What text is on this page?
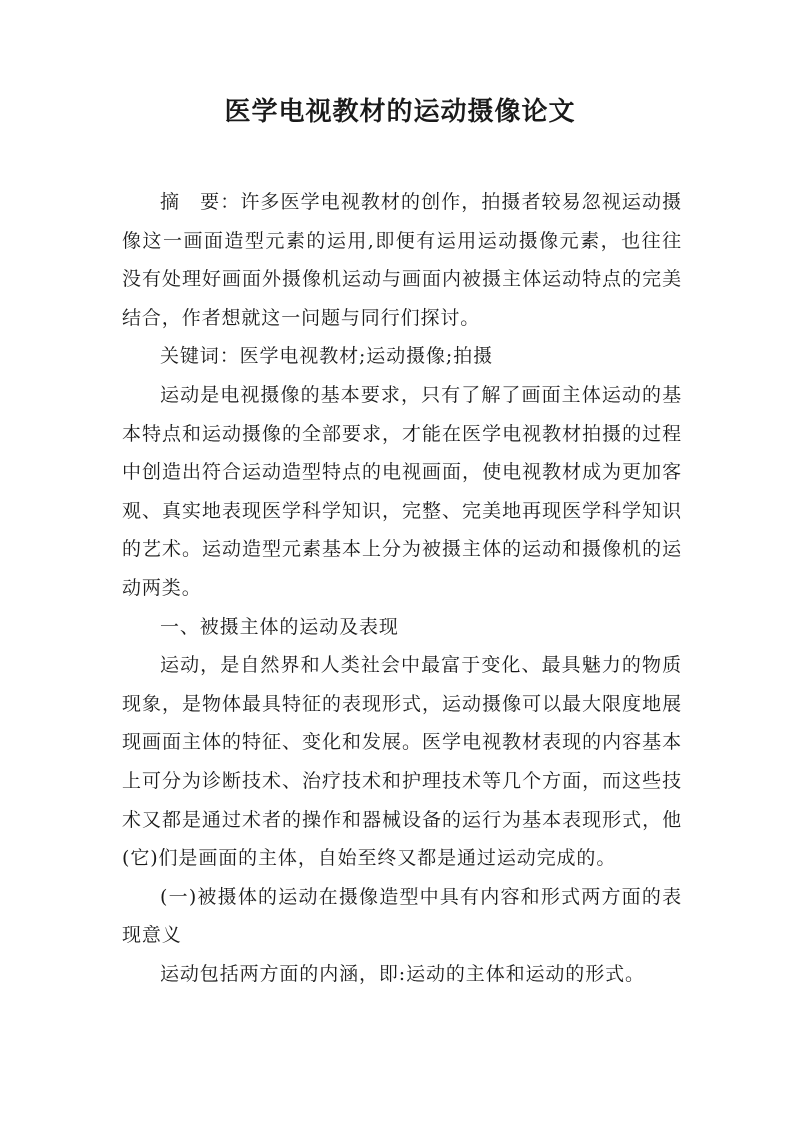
医学电视教材的运动摄像论文

摘　要：许多医学电视教材的创作，拍摄者较易忽视运动摄像这一画面造型元素的运用,即便有运用运动摄像元素，也往往没有处理好画面外摄像机运动与画面内被摄主体运动特点的完美结合，作者想就这一问题与同行们探讨。

关键词：医学电视教材;运动摄像;拍摄

运动是电视摄像的基本要求，只有了解了画面主体运动的基本特点和运动摄像的全部要求，才能在医学电视教材拍摄的过程中创造出符合运动造型特点的电视画面，使电视教材成为更加客观、真实地表现医学科学知识，完整、完美地再现医学科学知识的艺术。运动造型元素基本上分为被摄主体的运动和摄像机的运动两类。

一、被摄主体的运动及表现

运动，是自然界和人类社会中最富于变化、最具魅力的物质现象，是物体最具特征的表现形式，运动摄像可以最大限度地展现画面主体的特征、变化和发展。医学电视教材表现的内容基本上可分为诊断技术、治疗技术和护理技术等几个方面，而这些技术又都是通过术者的操作和器械设备的运行为基本表现形式，他(它)们是画面的主体，自始至终又都是通过运动完成的。

(一)被摄体的运动在摄像造型中具有内容和形式两方面的表现意义

运动包括两方面的内涵，即:运动的主体和运动的形式。
